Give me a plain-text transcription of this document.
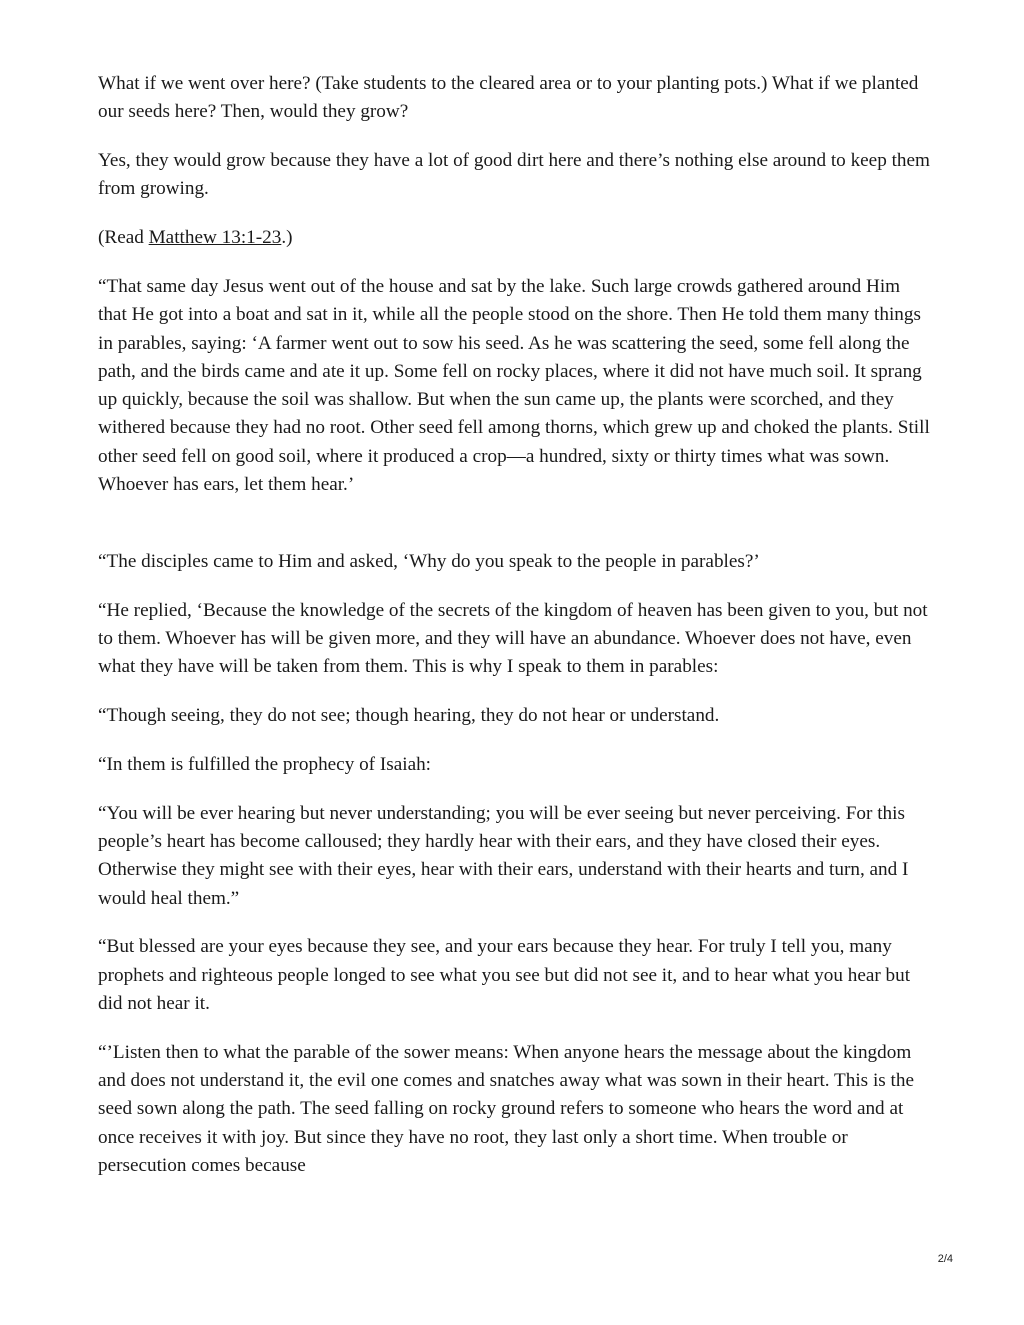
What if we went over here? (Take students to the cleared area or to your planting pots.) What if we planted our seeds here? Then, would they grow?

Yes, they would grow because they have a lot of good dirt here and there’s nothing else around to keep them from growing.

(Read Matthew 13:1-23.)

“That same day Jesus went out of the house and sat by the lake. Such large crowds gathered around Him that He got into a boat and sat in it, while all the people stood on the shore. Then He told them many things in parables, saying: ‘A farmer went out to sow his seed. As he was scattering the seed, some fell along the path, and the birds came and ate it up. Some fell on rocky places, where it did not have much soil. It sprang up quickly, because the soil was shallow. But when the sun came up, the plants were scorched, and they withered because they had no root. Other seed fell among thorns, which grew up and choked the plants. Still other seed fell on good soil, where it produced a crop—a hundred, sixty or thirty times what was sown. Whoever has ears, let them hear.’

“The disciples came to Him and asked, ‘Why do you speak to the people in parables?’

“He replied, ‘Because the knowledge of the secrets of the kingdom of heaven has been given to you, but not to them. Whoever has will be given more, and they will have an abundance. Whoever does not have, even what they have will be taken from them. This is why I speak to them in parables:

“Though seeing, they do not see; though hearing, they do not hear or understand.

“In them is fulfilled the prophecy of Isaiah:

“You will be ever hearing but never understanding; you will be ever seeing but never perceiving. For this people’s heart has become calloused; they hardly hear with their ears, and they have closed their eyes. Otherwise they might see with their eyes, hear with their ears, understand with their hearts and turn, and I would heal them.”

“But blessed are your eyes because they see, and your ears because they hear. For truly I tell you, many prophets and righteous people longed to see what you see but did not see it, and to hear what you hear but did not hear it.

“’Listen then to what the parable of the sower means: When anyone hears the message about the kingdom and does not understand it, the evil one comes and snatches away what was sown in their heart. This is the seed sown along the path. The seed falling on rocky ground refers to someone who hears the word and at once receives it with joy. But since they have no root, they last only a short time. When trouble or persecution comes because

2/4
